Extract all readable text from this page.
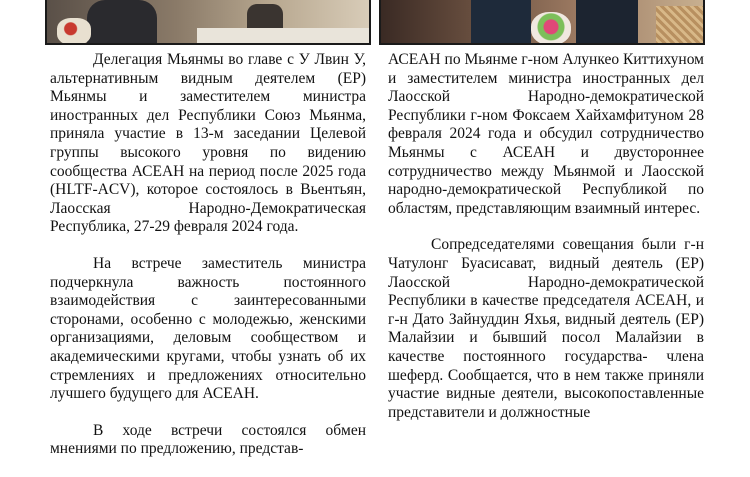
Делегация Мьянмы во главе с У Лвин У, альтернативным видным деятелем (ЕР) Мьянмы и заместителем министра иностранных дел Республики Союз Мьянма, приняла участие в 13-м заседании Целевой группы высокого уровня по видению сообщества АСЕАН на период после 2025 года (HLTF-ACV), которое состоялось в Вьентьян, Лаосская Народно-Демократическая Республика, 27-29 февраля 2024 года.

На встрече заместитель министра подчеркнула важность постоянного взаимодействия с заинтересованными сторонами, особенно с молодежью, женскими организациями, деловым сообществом и академическими кругами, чтобы узнать об их стремлениях и предложениях относительно лучшего будущего для АСЕАН.

В ходе встречи состоялся обмен мнениями по предложению, представ-

АСЕАН по Мьянме г-ном Алункео Киттихуном и заместителем министра иностранных дел Лаосской Народно-демократической Республики г-ном Фоксаем Хайхамфитуном 28 февраля 2024 года и обсудил сотрудничество Мьянмы с АСЕАН и двустороннее сотрудничество между Мьянмой и Лаосской народно-демократической Республикой по областям, представляющим взаимный интерес.

Сопредседателями совещания были г-н Чатулонг Буасисават, видный деятель (ЕР) Лаосской Народно-демократической Республики в качестве председателя АСЕАН, и г-н Дато Зайнуддин Яхья, видный деятель (ЕР) Малайзии и бывший посол Малайзии в качестве постоянного государства- члена шеферд. Сообщается, что в нем также приняли участие видные деятели, высокопоставленные представители и должностные
